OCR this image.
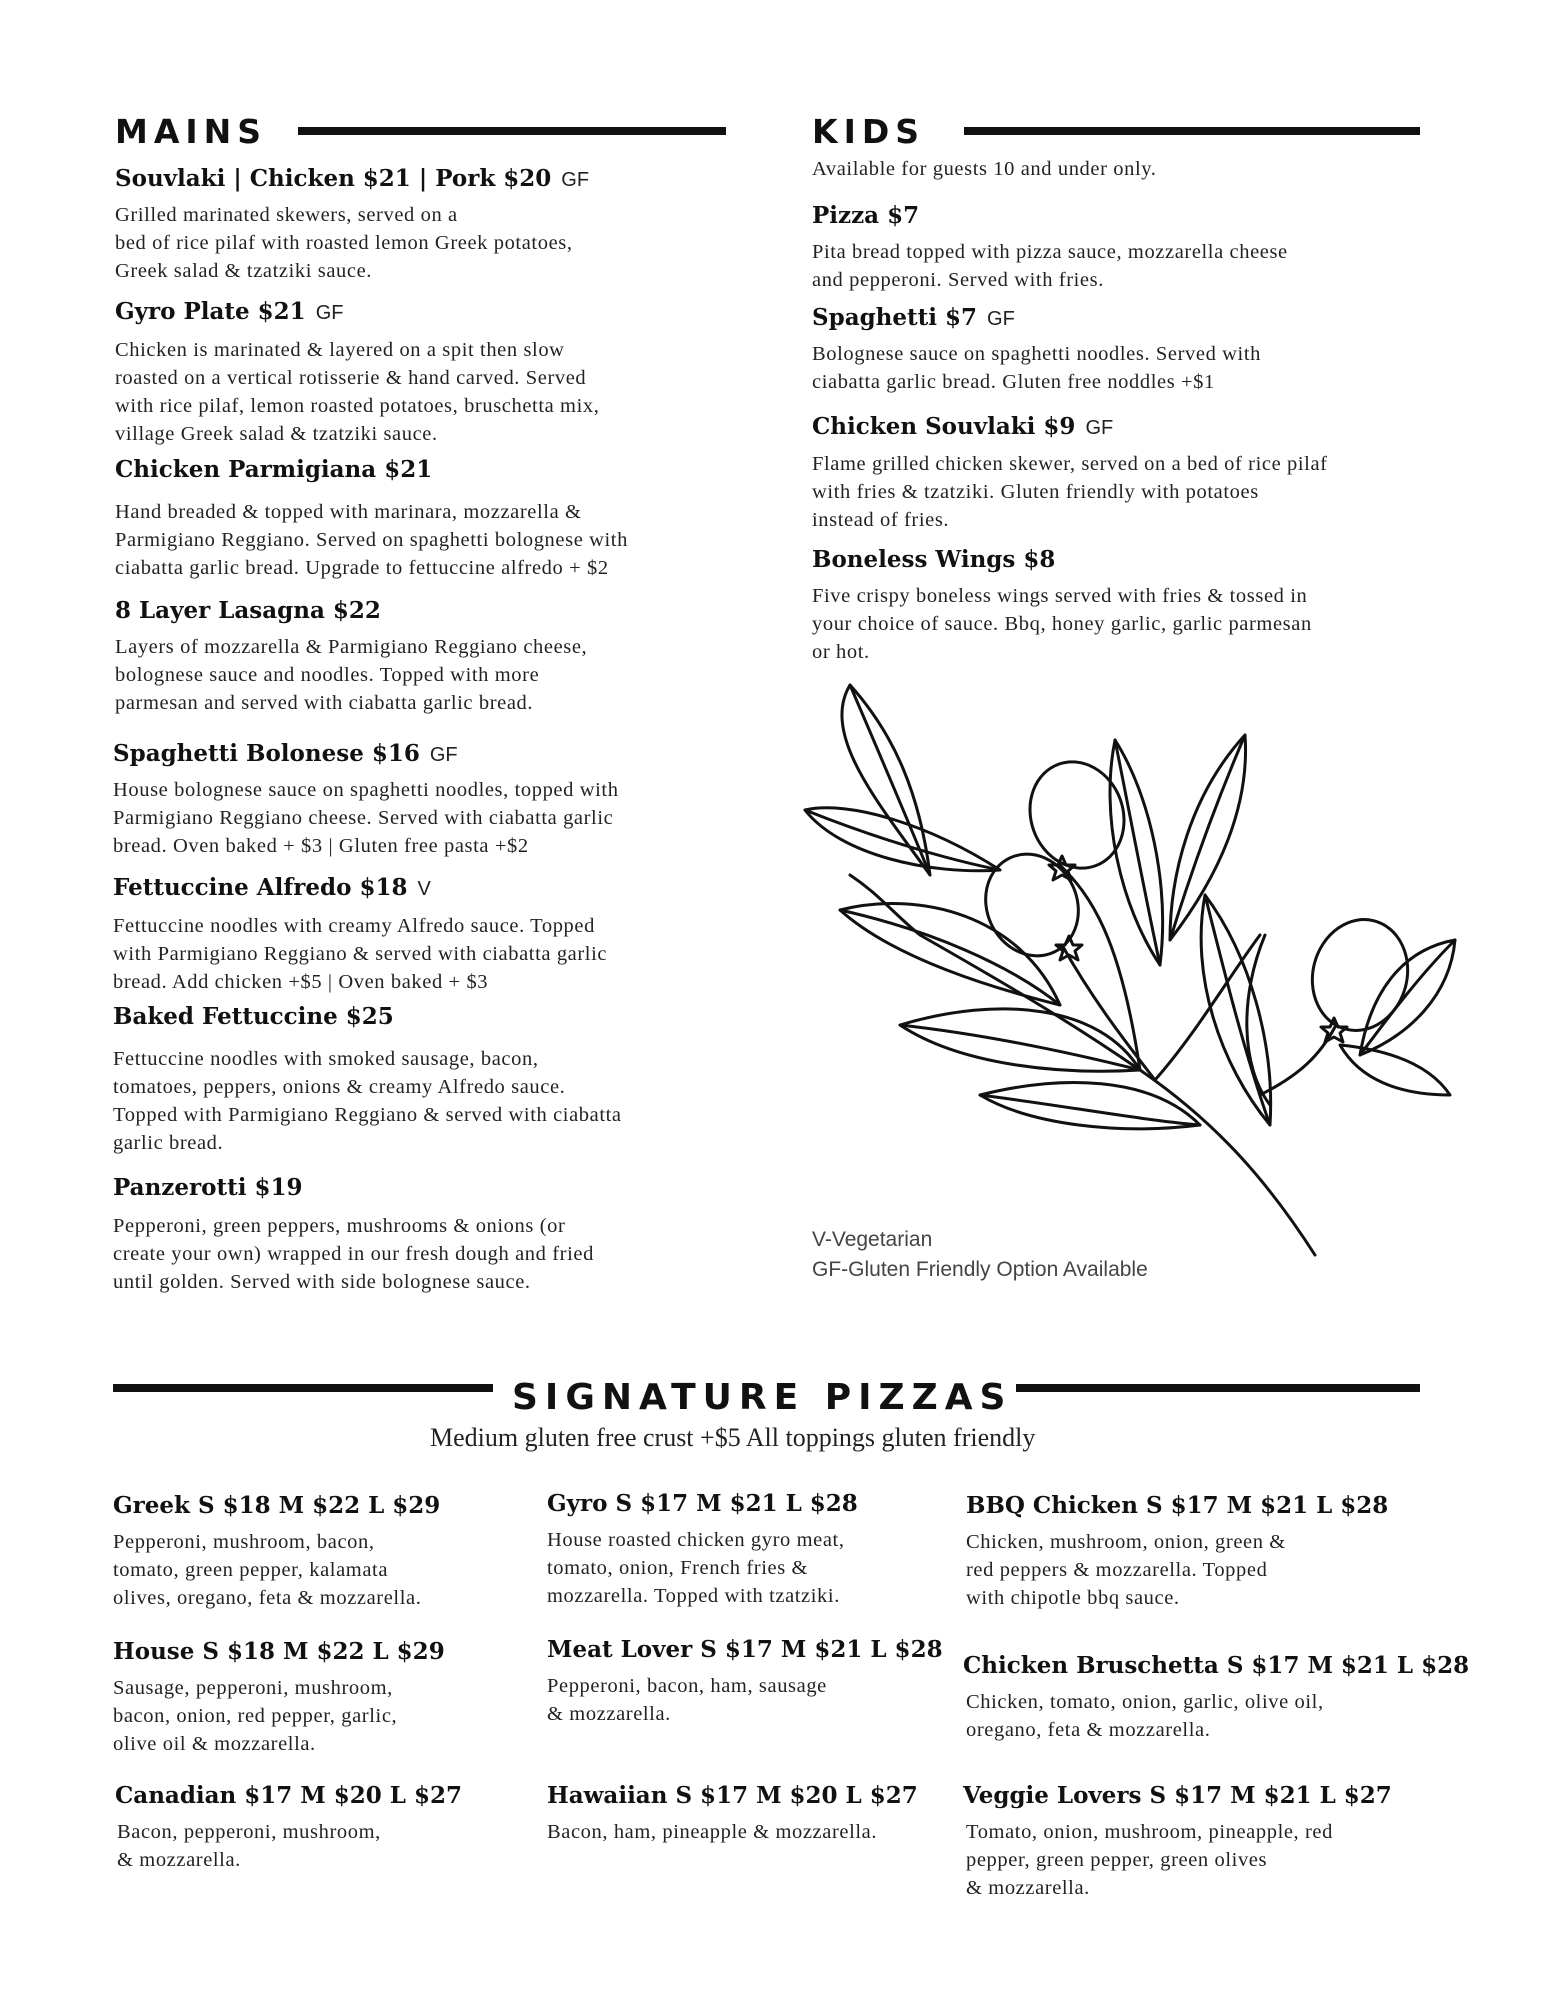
MAINS	KIDS
Souvlaki | Chicken $21 | Pork $20 GF
Grilled marinated skewers, served on a
bed of rice pilaf with roasted lemon Greek potatoes,
Greek salad & tzatziki sauce.
Gyro Plate $21 GF
Chicken is marinated & layered on a spit then slow
roasted on a vertical rotisserie & hand carved. Served
with rice pilaf, lemon roasted potatoes, bruschetta mix,
village Greek salad & tzatziki sauce.
Chicken Parmigiana $21
Hand breaded & topped with marinara, mozzarella &
Parmigiano Reggiano. Served on spaghetti bolognese with
ciabatta garlic bread. Upgrade to fettuccine alfredo + $2
8 Layer Lasagna $22
Layers of mozzarella & Parmigiano Reggiano cheese,
bolognese sauce and noodles. Topped with more
parmesan and served with ciabatta garlic bread.
Spaghetti Bolonese $16 GF
House bolognese sauce on spaghetti noodles, topped with
Parmigiano Reggiano cheese. Served with ciabatta garlic
bread. Oven baked + $3 | Gluten free pasta +$2
Fettuccine Alfredo $18 V
Fettuccine noodles with creamy Alfredo sauce. Topped
with Parmigiano Reggiano & served with ciabatta garlic
bread. Add chicken +$5 | Oven baked + $3
Baked Fettuccine $25
Fettuccine noodles with smoked sausage, bacon,
tomatoes, peppers, onions & creamy Alfredo sauce.
Topped with Parmigiano Reggiano & served with ciabatta
garlic bread.
Panzerotti $19
Pepperoni, green peppers, mushrooms & onions (or
create your own) wrapped in our fresh dough and fried
until golden. Served with side bolognese sauce.
Available for guests 10 and under only.
Pizza $7
Pita bread topped with pizza sauce, mozzarella cheese
and pepperoni. Served with fries.
Spaghetti $7 GF
Bolognese sauce on spaghetti noodles. Served with
ciabatta garlic bread. Gluten free noddles +$1
Chicken Souvlaki $9 GF
Flame grilled chicken skewer, served on a bed of rice pilaf
with fries & tzatziki. Gluten friendly with potatoes
instead of fries.
Boneless Wings $8
Five crispy boneless wings served with fries & tossed in
your choice of sauce. Bbq, honey garlic, garlic parmesan
or hot.
V-Vegetarian
GF-Gluten Friendly Option Available
SIGNATURE PIZZAS
Medium gluten free crust +$5 All toppings gluten friendly
Greek S $18 M $22 L $29
Pepperoni, mushroom, bacon,
tomato, green pepper, kalamata
olives, oregano, feta & mozzarella.
Gyro S $17 M $21 L $28
House roasted chicken gyro meat,
tomato, onion, French fries &
mozzarella. Topped with tzatziki.
BBQ Chicken S $17 M $21 L $28
Chicken, mushroom, onion, green &
red peppers & mozzarella. Topped
with chipotle bbq sauce.
House S $18 M $22 L $29
Sausage, pepperoni, mushroom,
bacon, onion, red pepper, garlic,
olive oil & mozzarella.
Meat Lover S $17 M $21 L $28
Pepperoni, bacon, ham, sausage
& mozzarella.
Chicken Bruschetta S $17 M $21 L $28
Chicken, tomato, onion, garlic, olive oil,
oregano, feta & mozzarella.
Canadian $17 M $20 L $27
Bacon, pepperoni, mushroom,
& mozzarella.
Hawaiian S $17 M $20 L $27
Bacon, ham, pineapple & mozzarella.
Veggie Lovers S $17 M $21 L $27
Tomato, onion, mushroom, pineapple, red
pepper, green pepper, green olives
& mozzarella.
